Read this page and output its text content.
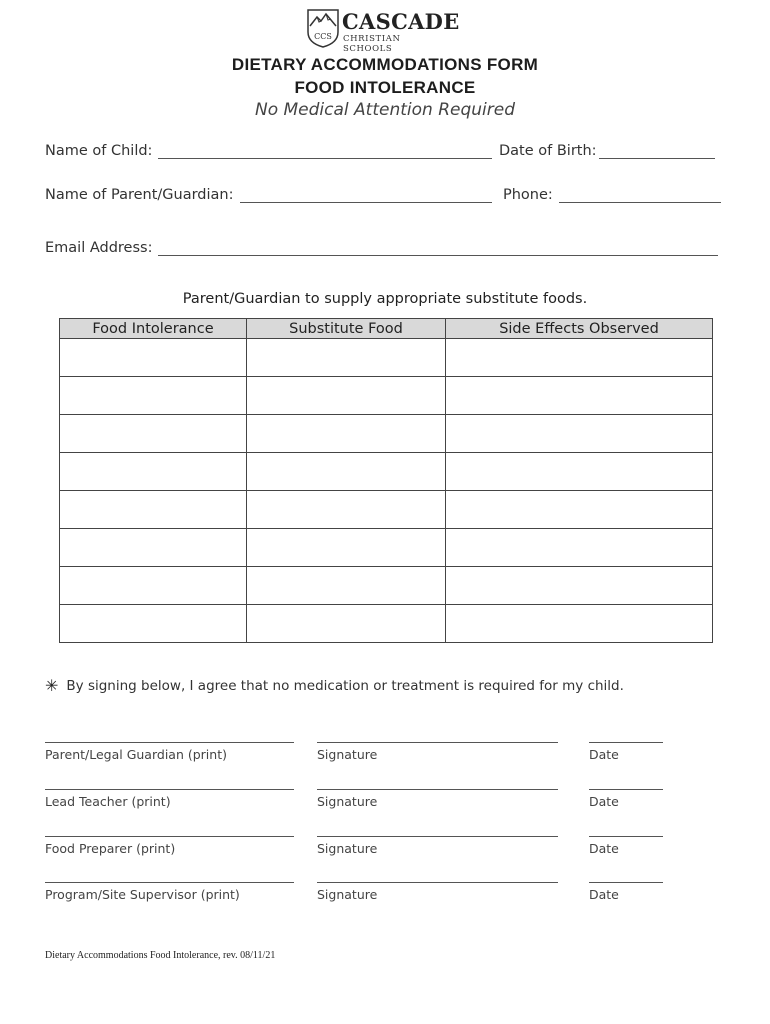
CCS
CASCADE
CHRISTIAN SCHOOLS
DIETARY ACCOMMODATIONS FORM
FOOD INTOLERANCE
No Medical Attention Required
Name of Child:	Date of Birth:
Name of Parent/Guardian:	Phone:
Email Address:
Parent/Guardian to supply appropriate substitute foods.
Food Intolerance	Substitute Food	Side Effects Observed

✳ By signing below, I agree that no medication or treatment is required for my child.
Parent/Legal Guardian (print)	Signature	Date
Lead Teacher (print)	Signature	Date
Food Preparer (print)	Signature	Date
Program/Site Supervisor (print)	Signature	Date
Dietary Accommodations Food Intolerance, rev. 08/11/21
